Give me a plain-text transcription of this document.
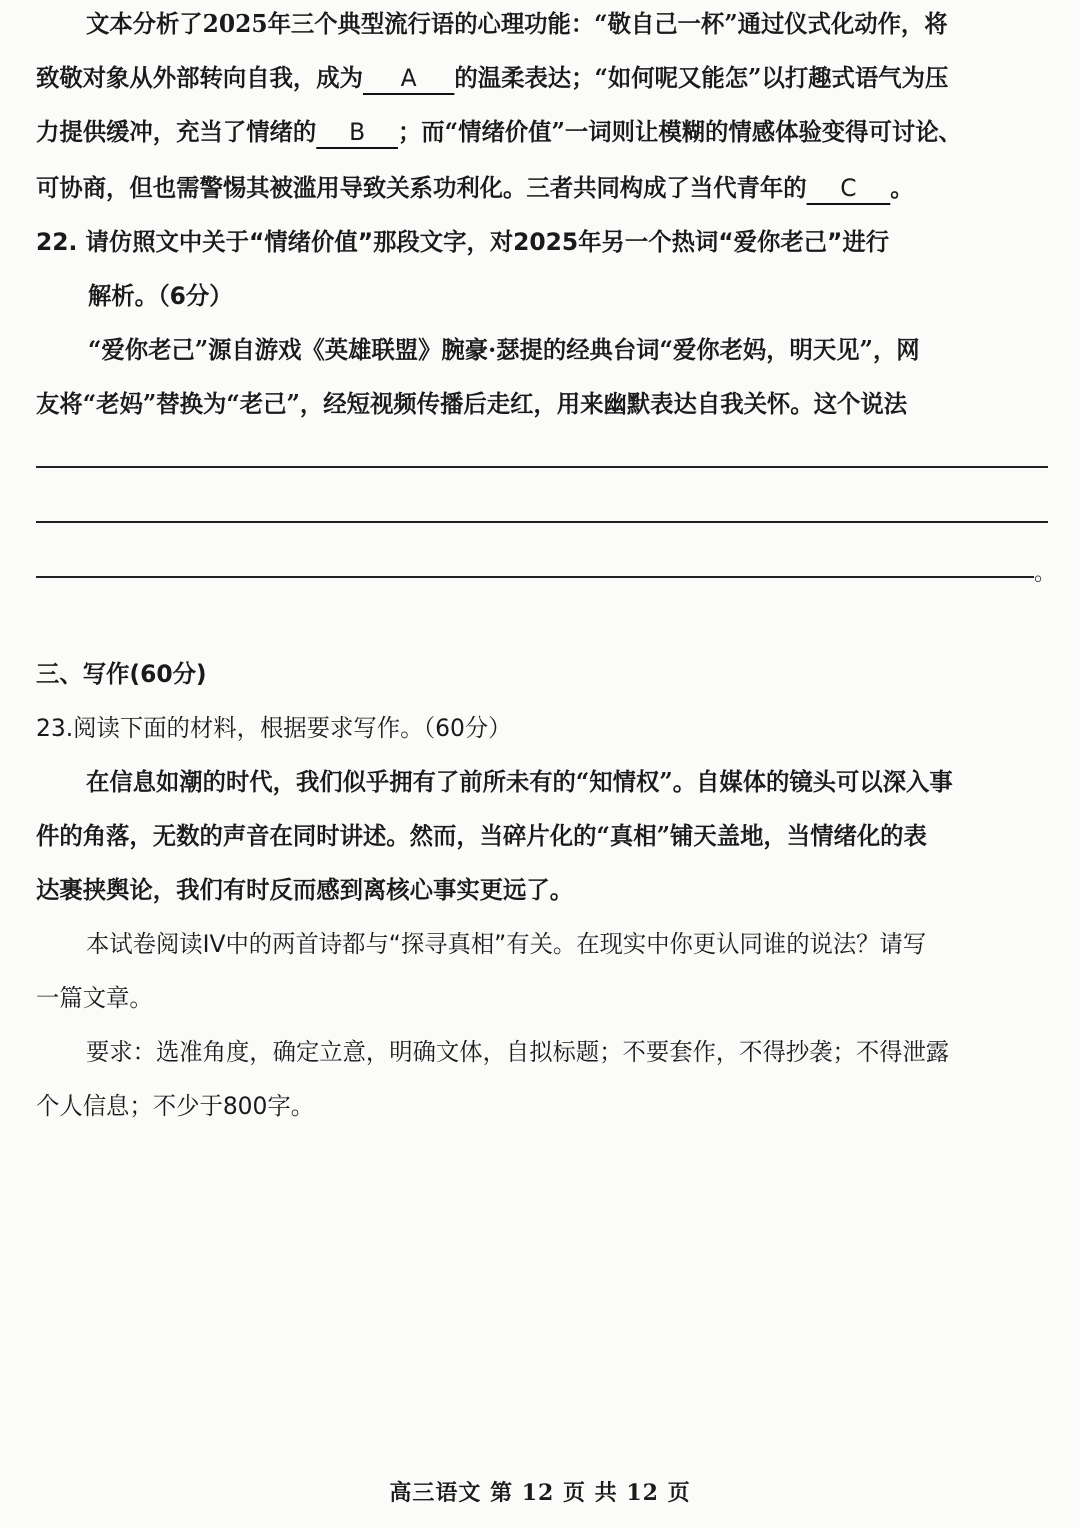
文本分析了2025年三个典型流行语的心理功能：“敬自己一杯”通过仪式化动作，将
致敬对象从外部转向自我，成为 A 的温柔表达；“如何呢又能怎”以打趣式语气为压
力提供缓冲，充当了情绪的 B ；而“情绪价值”一词则让模糊的情感体验变得可讨论、
可协商，但也需警惕其被滥用导致关系功利化。三者共同构成了当代青年的 C 。
22. 请仿照文中关于“情绪价值”那段文字，对2025年另一个热词“爱你老己”进行
解析。（6分）
“爱你老己”源自游戏《英雄联盟》腕豪·瑟提的经典台词“爱你老妈，明天见”，网
友将“老妈”替换为“老己”，经短视频传播后走红，用来幽默表达自我关怀。这个说法
。
三、写作(60分)
23.阅读下面的材料，根据要求写作。（60分）
在信息如潮的时代，我们似乎拥有了前所未有的“知情权”。自媒体的镜头可以深入事
件的角落，无数的声音在同时讲述。然而，当碎片化的“真相”铺天盖地，当情绪化的表
达裹挟舆论，我们有时反而感到离核心事实更远了。
本试卷阅读IV中的两首诗都与“探寻真相”有关。在现实中你更认同谁的说法？请写
一篇文章。
要求：选准角度，确定立意，明确文体，自拟标题；不要套作，不得抄袭；不得泄露
个人信息；不少于800字。
高三语文 第 12 页 共 12 页
